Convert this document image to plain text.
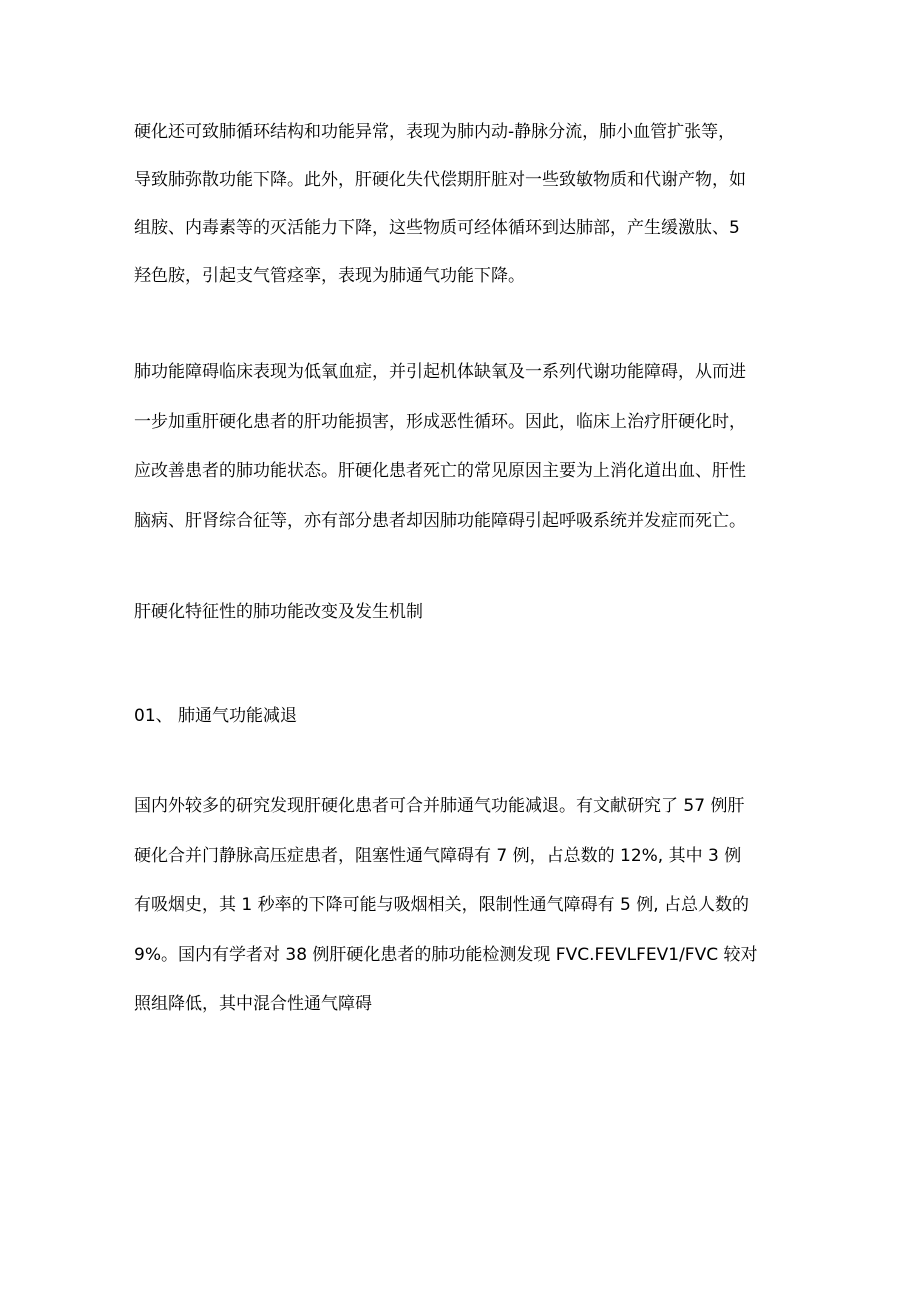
硬化还可致肺循环结构和功能异常，表现为肺内动-静脉分流，肺小血管扩张等，
导致肺弥散功能下降。此外，肝硬化失代偿期肝脏对一些致敏物质和代谢产物，如
组胺、内毒素等的灭活能力下降，这些物质可经体循环到达肺部，产生缓激肽、5
羟色胺，引起支气管痉挛，表现为肺通气功能下降。
肺功能障碍临床表现为低氧血症，并引起机体缺氧及一系列代谢功能障碍，从而进
一步加重肝硬化患者的肝功能损害，形成恶性循环。因此，临床上治疗肝硬化时，
应改善患者的肺功能状态。肝硬化患者死亡的常见原因主要为上消化道出血、肝性
脑病、肝肾综合征等，亦有部分患者却因肺功能障碍引起呼吸系统并发症而死亡。
肝硬化特征性的肺功能改变及发生机制
01、 肺通气功能减退
国内外较多的研究发现肝硬化患者可合并肺通气功能减退。有文献研究了 57 例肝
硬化合并门静脉高压症患者，阻塞性通气障碍有 7 例，占总数的 12%, 其中 3 例
有吸烟史，其 1 秒率的下降可能与吸烟相关，限制性通气障碍有 5 例, 占总人数的
9%。国内有学者对 38 例肝硬化患者的肺功能检测发现 FVC.FEVLFEV1/FVC 较对
照组降低，其中混合性通气障碍
